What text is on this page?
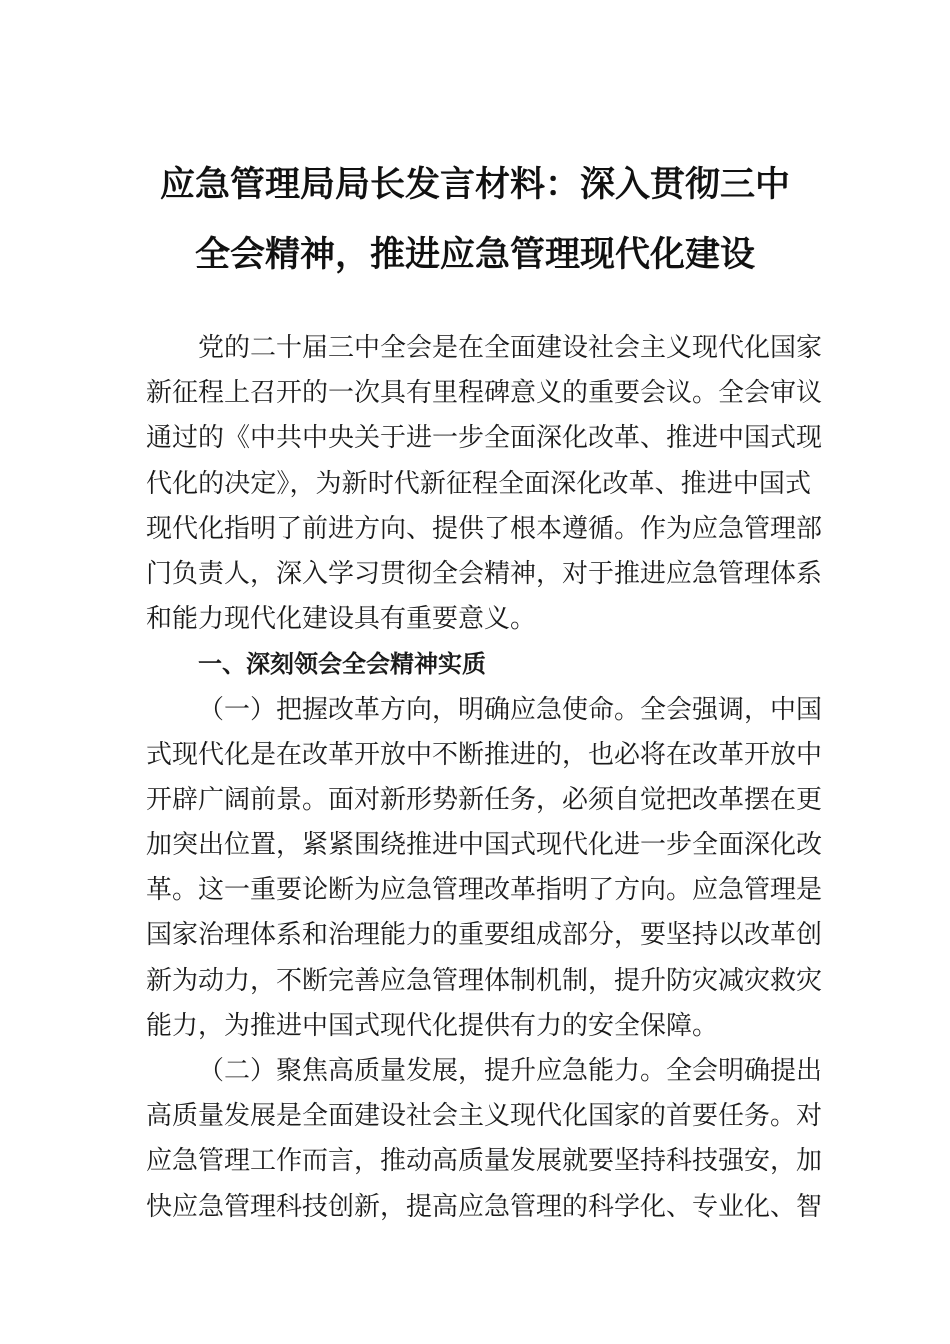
应急管理局局长发言材料：深入贯彻三中
全会精神，推进应急管理现代化建设
党的二十届三中全会是在全面建设社会主义现代化国家
新征程上召开的一次具有里程碑意义的重要会议。全会审议
通过的《中共中央关于进一步全面深化改革、推进中国式现
代化的决定》，为新时代新征程全面深化改革、推进中国式
现代化指明了前进方向、提供了根本遵循。作为应急管理部
门负责人，深入学习贯彻全会精神，对于推进应急管理体系
和能力现代化建设具有重要意义。
一、深刻领会全会精神实质
（一）把握改革方向，明确应急使命。全会强调，中国
式现代化是在改革开放中不断推进的，也必将在改革开放中
开辟广阔前景。面对新形势新任务，必须自觉把改革摆在更
加突出位置，紧紧围绕推进中国式现代化进一步全面深化改
革。这一重要论断为应急管理改革指明了方向。应急管理是
国家治理体系和治理能力的重要组成部分，要坚持以改革创
新为动力，不断完善应急管理体制机制，提升防灾减灾救灾
能力，为推进中国式现代化提供有力的安全保障。
（二）聚焦高质量发展，提升应急能力。全会明确提出
高质量发展是全面建设社会主义现代化国家的首要任务。对
应急管理工作而言，推动高质量发展就要坚持科技强安，加
快应急管理科技创新，提高应急管理的科学化、专业化、智
